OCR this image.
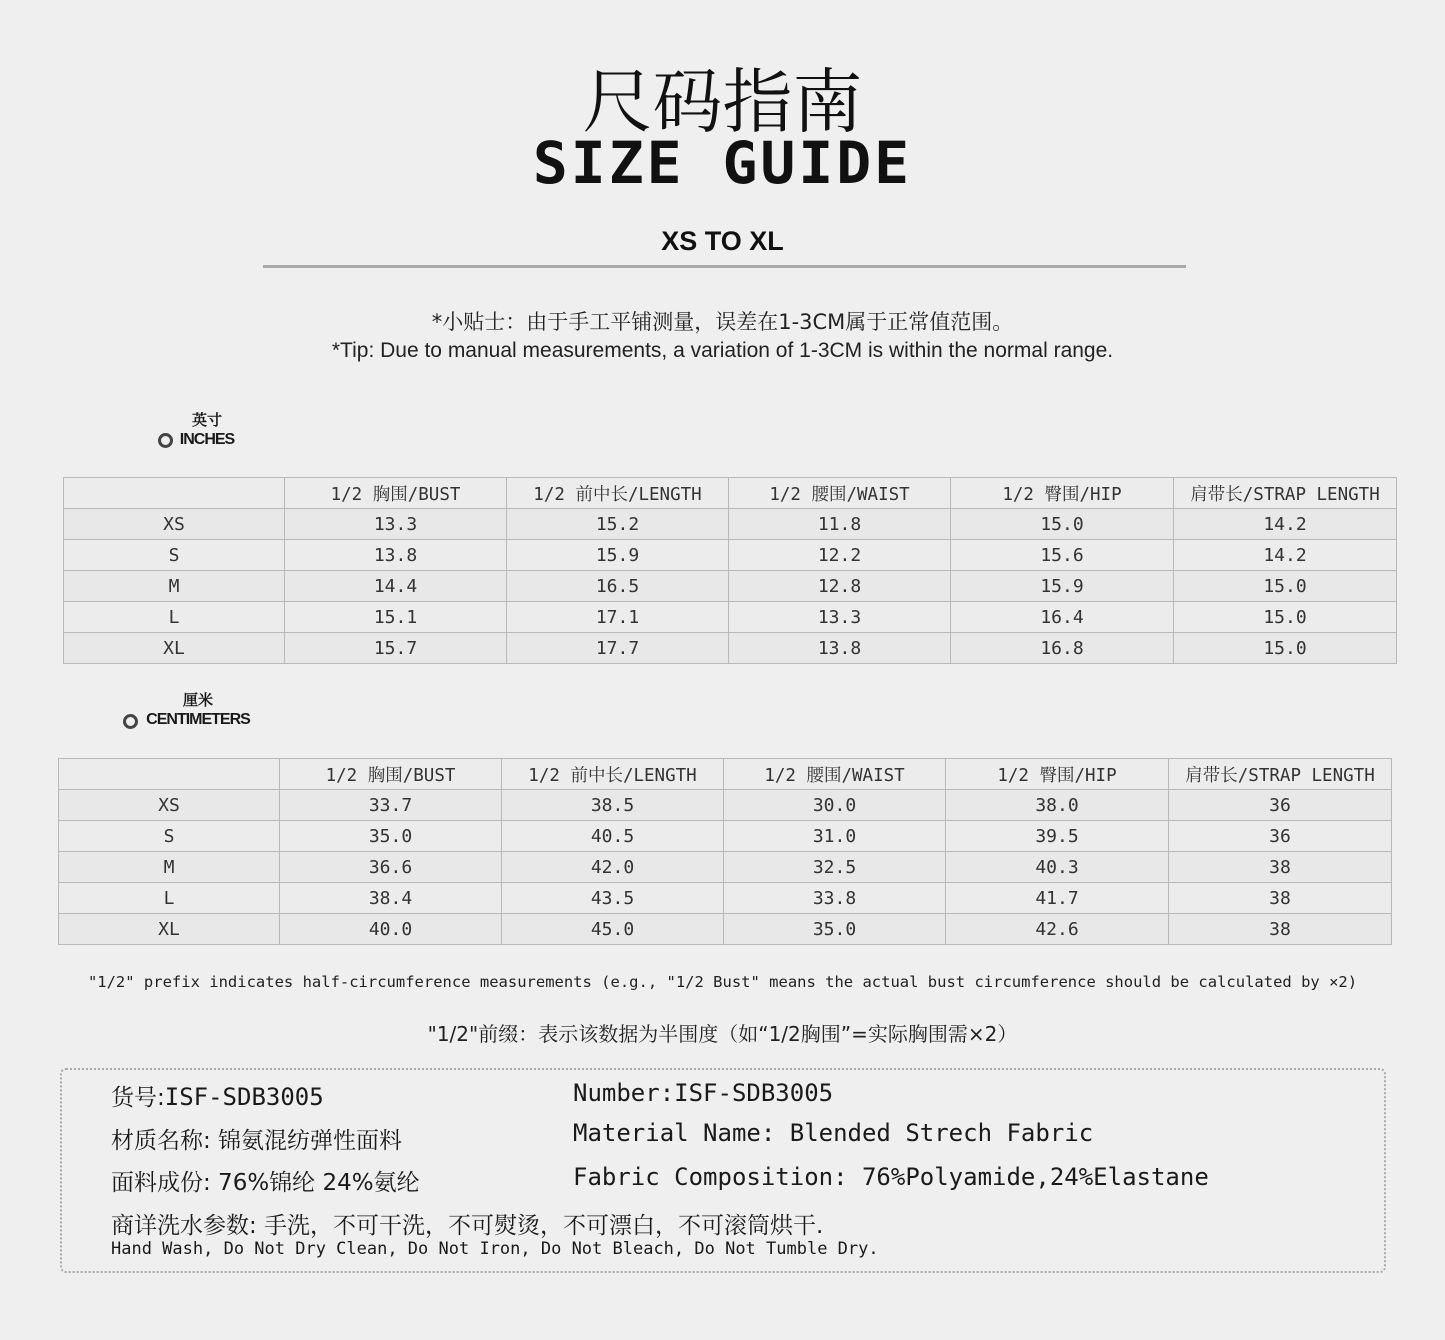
尺码指南
SIZE GUIDE
XS TO XL
*小贴士：由于手工平铺测量，误差在1-3CM属于正常值范围。
*Tip: Due to manual measurements, a variation of 1-3CM is within the normal range.
英寸
INCHES
	1/2 胸围/BUST	1/2 前中长/LENGTH	1/2 腰围/WAIST	1/2 臀围/HIP	肩带长/STRAP LENGTH
XS	13.3	15.2	11.8	15.0	14.2
S	13.8	15.9	12.2	15.6	14.2
M	14.4	16.5	12.8	15.9	15.0
L	15.1	17.1	13.3	16.4	15.0
XL	15.7	17.7	13.8	16.8	15.0
厘米
CENTIMETERS
	1/2 胸围/BUST	1/2 前中长/LENGTH	1/2 腰围/WAIST	1/2 臀围/HIP	肩带长/STRAP LENGTH
XS	33.7	38.5	30.0	38.0	36
S	35.0	40.5	31.0	39.5	36
M	36.6	42.0	32.5	40.3	38
L	38.4	43.5	33.8	41.7	38
XL	40.0	45.0	35.0	42.6	38
"1/2" prefix indicates half-circumference measurements (e.g., "1/2 Bust" means the actual bust circumference should be calculated by ×2)
"1/2"前缀：表示该数据为半围度（如“1/2胸围”=实际胸围需×2）
货号:ISF-SDB3005	Number:ISF-SDB3005
材质名称: 锦氨混纺弹性面料	Material Name: Blended Strech Fabric
面料成份: 76%锦纶 24%氨纶	Fabric Composition: 76%Polyamide,24%Elastane
商详洗水参数: 手洗，不可干洗，不可熨烫，不可漂白，不可滚筒烘干.
Hand Wash, Do Not Dry Clean, Do Not Iron, Do Not Bleach, Do Not Tumble Dry.
